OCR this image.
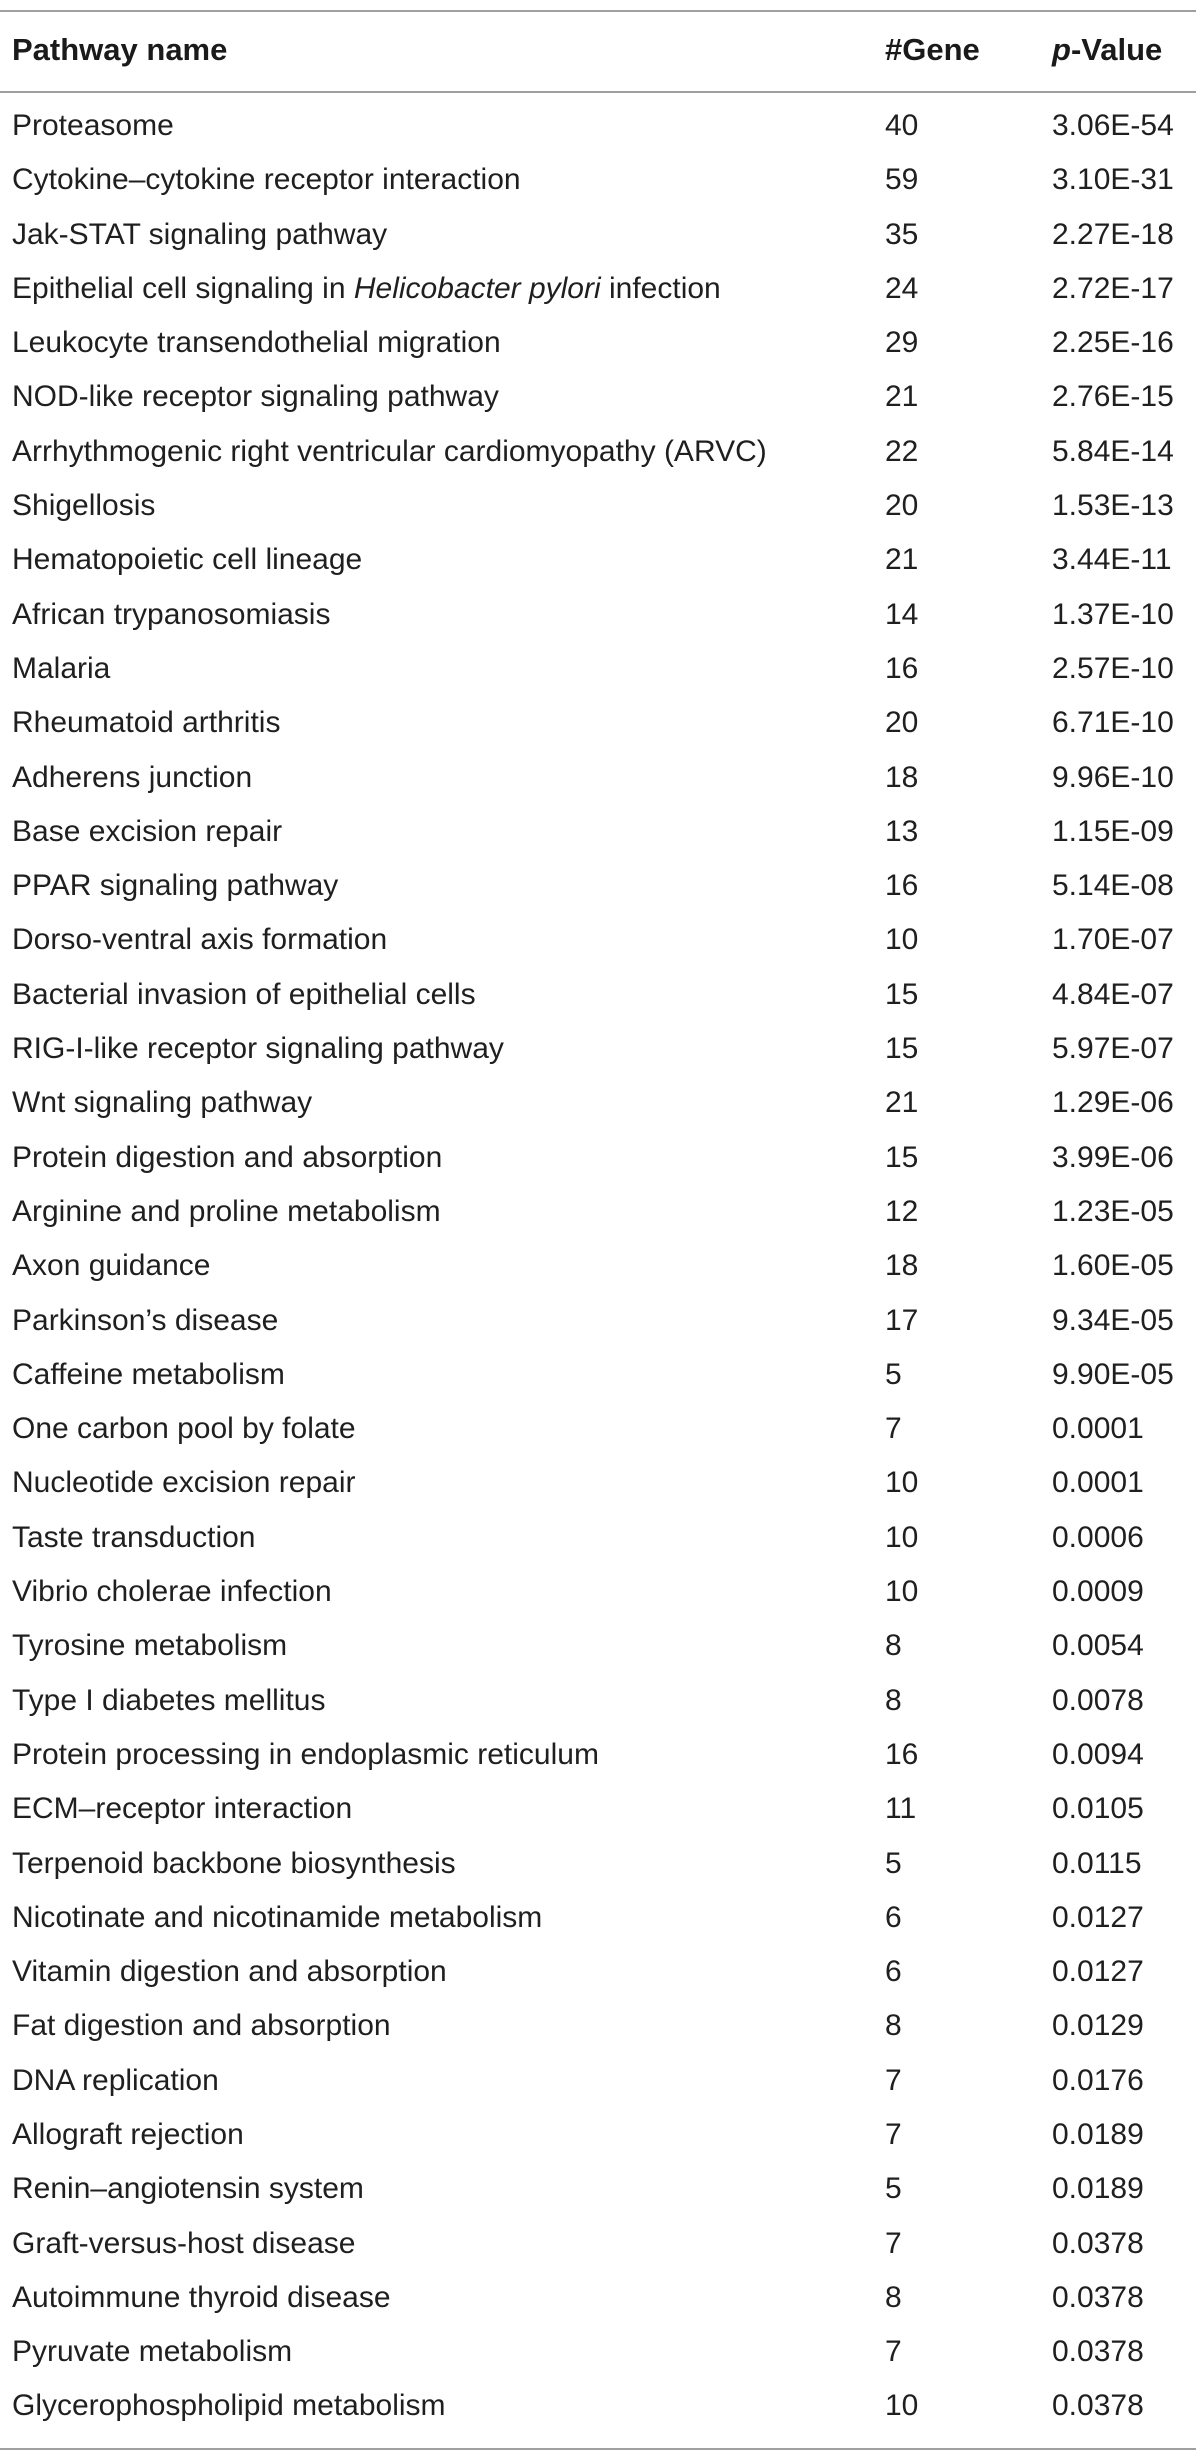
Pathway name	#Gene p-Value
Proteasome	40	3.06E-54
Cytokine–cytokine receptor interaction	59	3.10E-31
Jak-STAT signaling pathway	35	2.27E-18
Epithelial cell signaling in Helicobacter pylori infection	24	2.72E-17
Leukocyte transendothelial migration	29	2.25E-16
NOD-like receptor signaling pathway	21	2.76E-15
Arrhythmogenic right ventricular cardiomyopathy (ARVC)	22	5.84E-14
Shigellosis	20	1.53E-13
Hematopoietic cell lineage	21	3.44E-11
African trypanosomiasis	14	1.37E-10
Malaria	16	2.57E-10
Rheumatoid arthritis	20	6.71E-10
Adherens junction	18	9.96E-10
Base excision repair	13	1.15E-09
PPAR signaling pathway	16	5.14E-08
Dorso-ventral axis formation	10	1.70E-07
Bacterial invasion of epithelial cells	15	4.84E-07
RIG-I-like receptor signaling pathway	15	5.97E-07
Wnt signaling pathway	21	1.29E-06
Protein digestion and absorption	15	3.99E-06
Arginine and proline metabolism	12	1.23E-05
Axon guidance	18	1.60E-05
Parkinson’s disease	17	9.34E-05
Caffeine metabolism	5	9.90E-05
One carbon pool by folate	7	0.0001
Nucleotide excision repair	10	0.0001
Taste transduction	10	0.0006
Vibrio cholerae infection	10	0.0009
Tyrosine metabolism	8	0.0054
Type I diabetes mellitus	8	0.0078
Protein processing in endoplasmic reticulum	16	0.0094
ECM–receptor interaction	11	0.0105
Terpenoid backbone biosynthesis	5	0.0115
Nicotinate and nicotinamide metabolism	6	0.0127
Vitamin digestion and absorption	6	0.0127
Fat digestion and absorption	8	0.0129
DNA replication	7	0.0176
Allograft rejection	7	0.0189
Renin–angiotensin system	5	0.0189
Graft-versus-host disease	7	0.0378
Autoimmune thyroid disease	8	0.0378
Pyruvate metabolism	7	0.0378
Glycerophospholipid metabolism	10	0.0378
